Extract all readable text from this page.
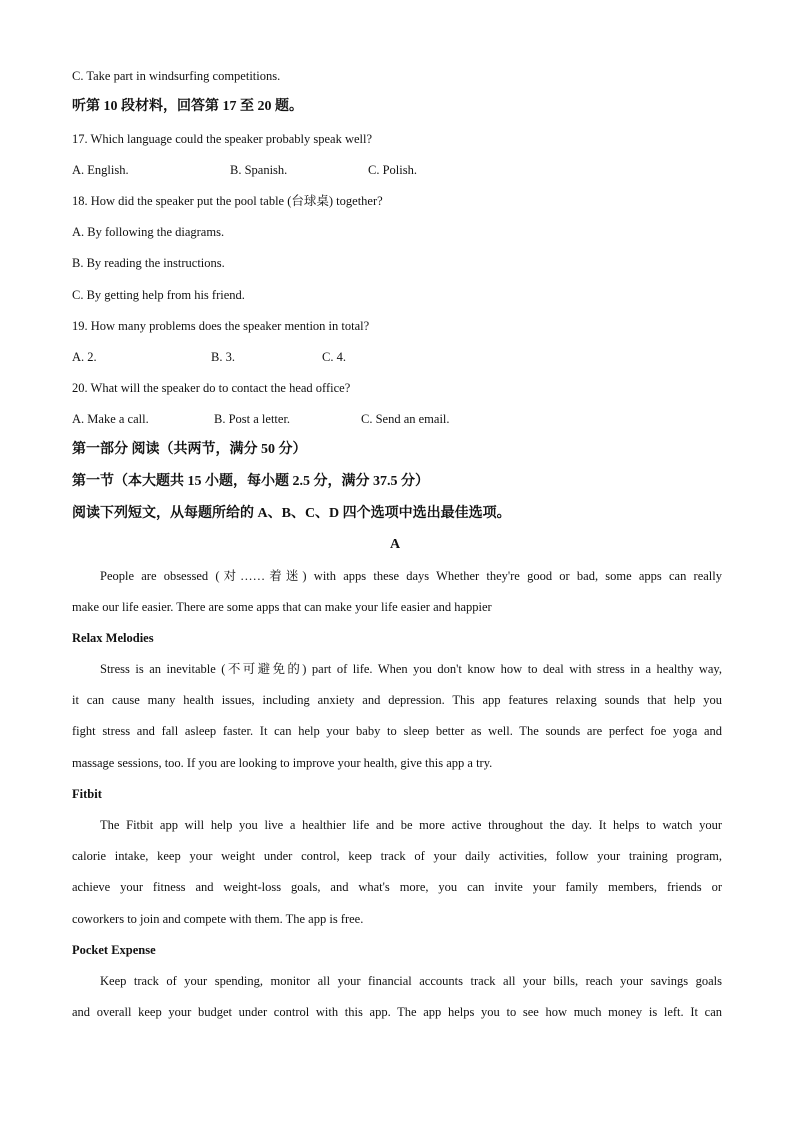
C. Take part in windsurfing competitions.
听第 10 段材料，回答第 17 至 20 题。
17. Which language could the speaker probably speak well?
A. English.	B. Spanish.	C. Polish.
18. How did the speaker put the pool table (台球桌) together?
A. By following the diagrams.
B. By reading the instructions.
C. By getting help from his friend.
19. How many problems does the speaker mention in total?
A. 2.	B. 3.	C. 4.
20. What will the speaker do to contact the head office?
A. Make a call.	B. Post a letter.	C. Send an email.
第一部分 阅读（共两节，满分 50 分）
第一节（本大题共 15 小题，每小题 2.5 分，满分 37.5 分）
阅读下列短文，从每题所给的 A、B、C、D 四个选项中选出最佳选项。
A
People are obsessed (对……着迷) with apps these days Whether they're good or bad, some apps can really
make our life easier. There are some apps that can make your life easier and happier
Relax Melodies
Stress is an inevitable (不可避免的) part of life. When you don't know how to deal with stress in a healthy way,
it can cause many health issues, including anxiety and depression. This app features relaxing sounds that help you
fight stress and fall asleep faster. It can help your baby to sleep better as well. The sounds are perfect foe yoga and
massage sessions, too. If you are looking to improve your health, give this app a try.
Fitbit
The Fitbit app will help you live a healthier life and be more active throughout the day. It helps to watch your
calorie intake, keep your weight under control, keep track of your daily activities, follow your training program,
achieve your fitness and weight-loss goals, and what's more, you can invite your family members, friends or
coworkers to join and compete with them. The app is free.
Pocket Expense
Keep track of your spending, monitor all your financial accounts track all your bills, reach your savings goals
and overall keep your budget under control with this app. The app helps you to see how much money is left. It can
